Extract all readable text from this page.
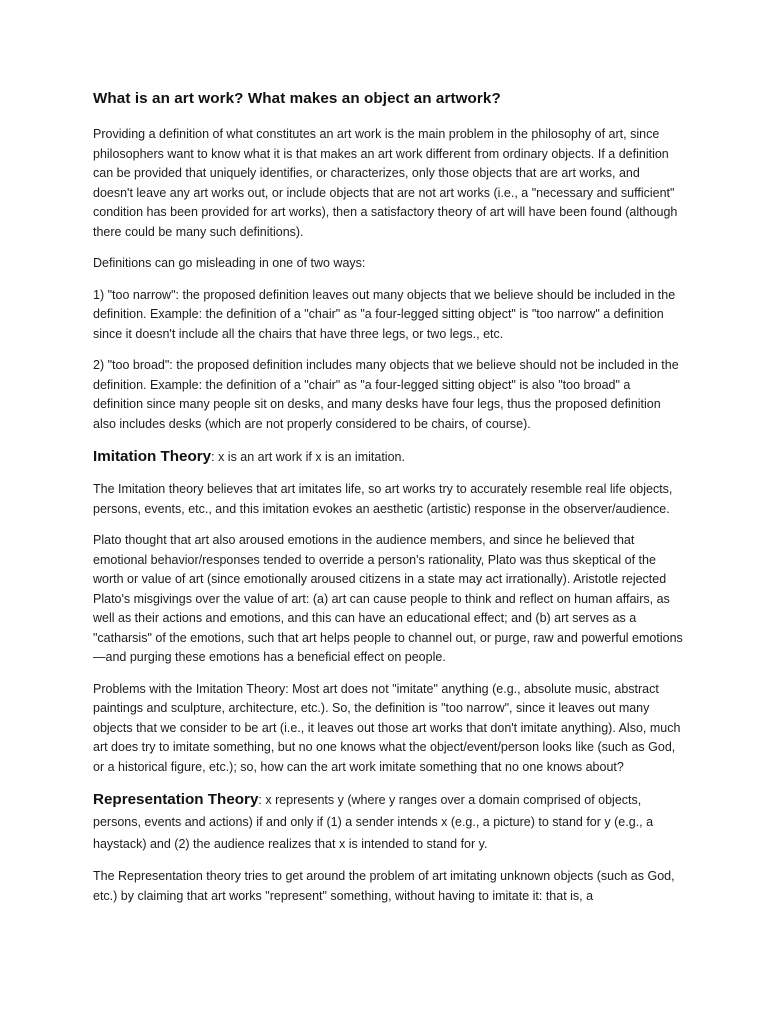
What is an art work? What makes an object an artwork?

Providing a definition of what constitutes an art work is the main problem in the philosophy of art, since philosophers want to know what it is that makes an art work different from ordinary objects. If a definition can be provided that uniquely identifies, or characterizes, only those objects that are art works, and doesn't leave any art works out, or include objects that are not art works (i.e., a "necessary and sufficient" condition has been provided for art works), then a satisfactory theory of art will have been found (although there could be many such definitions).

Definitions can go misleading in one of two ways:

1) "too narrow": the proposed definition leaves out many objects that we believe should be included in the definition. Example: the definition of a "chair" as "a four-legged sitting object" is "too narrow" a definition since it doesn't include all the chairs that have three legs, or two legs., etc.

2) "too broad": the proposed definition includes many objects that we believe should not be included in the definition. Example: the definition of a "chair" as "a four-legged sitting object" is also "too broad" a definition since many people sit on desks, and many desks have four legs, thus the proposed definition also includes desks (which are not properly considered to be chairs, of course).

Imitation Theory: x is an art work if x is an imitation.

The Imitation theory believes that art imitates life, so art works try to accurately resemble real life objects, persons, events, etc., and this imitation evokes an aesthetic (artistic) response in the observer/audience.

Plato thought that art also aroused emotions in the audience members, and since he believed that emotional behavior/responses tended to override a person's rationality, Plato was thus skeptical of the worth or value of art (since emotionally aroused citizens in a state may act irrationally). Aristotle rejected Plato's misgivings over the value of art: (a) art can cause people to think and reflect on human affairs, as well as their actions and emotions, and this can have an educational effect; and (b) art serves as a "catharsis" of the emotions, such that art helps people to channel out, or purge, raw and powerful emotions—and purging these emotions has a beneficial effect on people.

Problems with the Imitation Theory: Most art does not "imitate" anything (e.g., absolute music, abstract paintings and sculpture, architecture, etc.). So, the definition is "too narrow", since it leaves out many objects that we consider to be art (i.e., it leaves out those art works that don't imitate anything). Also, much art does try to imitate something, but no one knows what the object/event/person looks like (such as God, or a historical figure, etc.); so, how can the art work imitate something that no one knows about?

Representation Theory: x represents y (where y ranges over a domain comprised of objects, persons, events and actions) if and only if (1) a sender intends x (e.g., a picture) to stand for y (e.g., a haystack) and (2) the audience realizes that x is intended to stand for y.

The Representation theory tries to get around the problem of art imitating unknown objects (such as God, etc.) by claiming that art works "represent" something, without having to imitate it: that is, a
